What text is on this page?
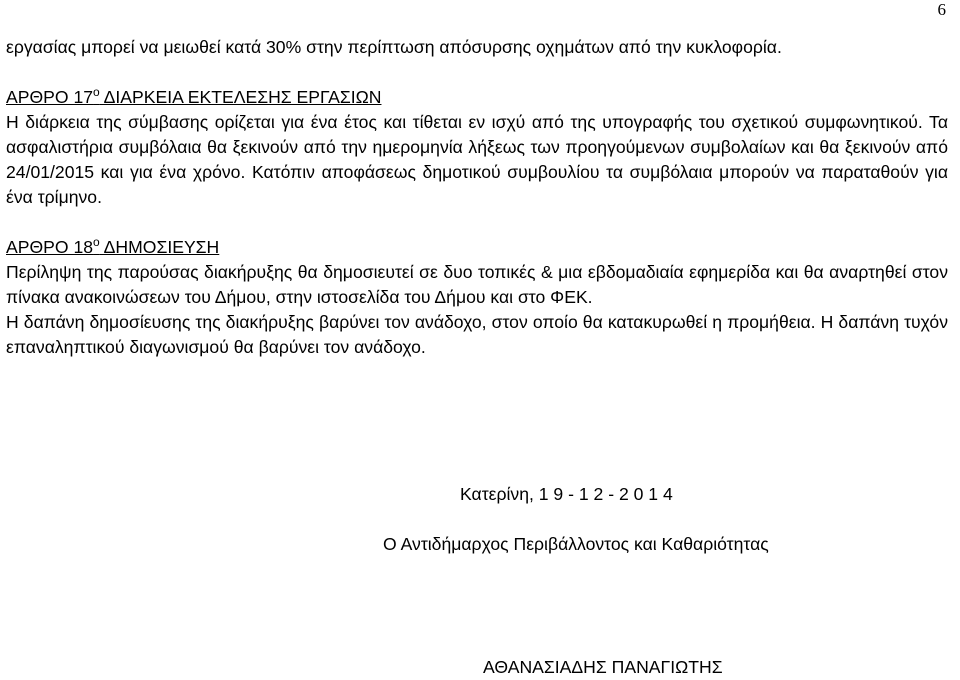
6

εργασίας μπορεί να μειωθεί κατά 30% στην περίπτωση απόσυρσης οχημάτων από την κυκλοφορία.

ΑΡΘΡΟ $17^o$ ΔΙΑΡΚΕΙΑ ΕΚΤΕΛΕΣΗΣ ΕΡΓΑΣΙΩΝ

Η διάρκεια της σύμβασης ορίζεται για ένα έτος και τίθεται εν ισχύ από της υπογραφής του σχετικού συμφωνητικού. Τα ασφαλιστήρια συμβόλαια θα ξεκινούν από την ημερομηνία λήξεως των προηγούμενων συμβολαίων και θα ξεκινούν από 24/01/2015 και για ένα χρόνο. Κατόπιν αποφάσεως δημοτικού συμβουλίου τα συμβόλαια μπορούν να παραταθούν για ένα τρίμηνο.

ΑΡΘΡΟ $18^o$ ΔΗΜΟΣΙΕΥΣΗ

Περίληψη της παρούσας διακήρυξης θα δημοσιευτεί σε δυο τοπικές & μια εβδομαδιαία εφημερίδα και θα αναρτηθεί στον πίνακα ανακοινώσεων του Δήμου, στην ιστοσελίδα του Δήμου και στο ΦΕΚ.

Η δαπάνη δημοσίευσης της διακήρυξης βαρύνει τον ανάδοχο, στον οποίο θα κατακυρωθεί η προμήθεια. Η δαπάνη τυχόν επαναληπτικού διαγωνισμού θα βαρύνει τον ανάδοχο.

Κατερίνη, 1 9 - 1 2 - 2 0 1 4
Ο Αντιδήμαρχος Περιβάλλοντος και Καθαριότητας
ΑΘΑΝΑΣΙΑΔΗΣ ΠΑΝΑΓΙΩΤΗΣ
